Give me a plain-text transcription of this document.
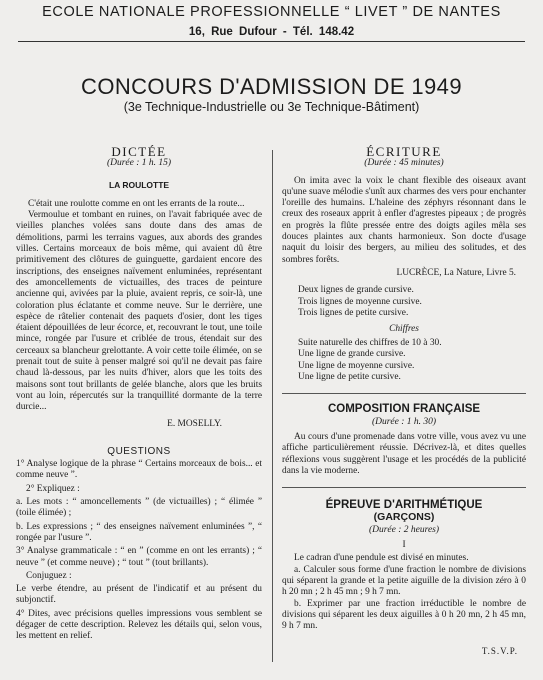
ECOLE NATIONALE PROFESSIONNELLE “ LIVET ” DE NANTES
16, Rue Dufour - Tél. 148.42
CONCOURS D'ADMISSION DE 1949
(3e Technique-Industrielle ou 3e Technique-Bâtiment)
DICTÉE
(Durée : 1 h. 15)
LA ROULOTTE

C'était une roulotte comme en ont les errants de la route...

Vermoulue et tombant en ruines, on l'avait fabriquée avec de vieilles planches volées sans doute dans des amas de démolitions, parmi les terrains vagues, aux abords des grandes villes. Certains morceaux de bois même, qui avaient dû être primitivement des clôtures de guinguette, gardaient encore des inscriptions, des enseignes naïvement enluminées, représentant des amoncellements de victuailles, des traces de peinture ancienne qui, avivées par la pluie, avaient repris, ce soir-là, une coloration plus éclatante et comme neuve. Sur le derrière, une espèce de râtelier contenait des paquets d'osier, dont les tiges étaient dépouillées de leur écorce, et, recouvrant le tout, une toile mince, rongée par l'usure et criblée de trous, étendait sur des cerceaux sa blancheur grelottante. A voir cette toile élimée, on se prenait tout de suite à penser malgré soi qu'il ne devait pas faire chaud là-dessous, par les nuits d'hiver, alors que les toits des maisons sont tout brillants de gelée blanche, alors que les bruits vont au loin, répercutés sur la tranquillité dormante de la terre durcie...

E. MOSELLY.

QUESTIONS

1° Analyse logique de la phrase “ Certains morceaux de bois... et comme neuve ”.

2° Expliquez :

a. Les mots : “ amoncellements ” (de victuailles) ; “ élimée ” (toile élimée) ;

b. Les expressions ; “ des enseignes naïvement enluminées ”, “ rongée par l'usure ”.

3° Analyse grammaticale : “ en ” (comme en ont les errants) ; “ neuve ” (et comme neuve) ; “ tout ” (tout brillants).

Conjuguez :

Le verbe étendre, au présent de l'indicatif et au présent du subjonctif.

4° Dites, avec précisions quelles impressions vous semblent se dégager de cette description. Relevez les détails qui, selon vous, les mettent en relief.

ÉCRITURE
(Durée : 45 minutes)

On imita avec la voix le chant flexible des oiseaux avant qu'une suave mélodie s'unît aux charmes des vers pour enchanter l'oreille des humains. L'haleine des zéphyrs résonnant dans le creux des roseaux apprit à enfler d'agrestes pipeaux ; de progrès en progrès la flûte pressée entre des doigts agiles mêla ses douces plaintes aux chants harmonieux. Son docte d'usage naquit du loisir des bergers, au milieu des solitudes, et des sombres forêts.

LUCRÈCE, La Nature, Livre 5.
Deux lignes de grande cursive.
Trois lignes de moyenne cursive.
Trois lignes de petite cursive.
Chiffres
Suite naturelle des chiffres de 10 à 30.
Une ligne de grande cursive.
Une ligne de moyenne cursive.
Une ligne de petite cursive.
COMPOSITION FRANÇAISE
(Durée : 1 h. 30)

Au cours d'une promenade dans votre ville, vous avez vu une affiche particulièrement réussie. Décrivez-là, et dites quelles réflexions vous suggèrent l'usage et les procédés de la publicité dans la vie moderne.

ÉPREUVE D'ARITHMÉTIQUE
(GARÇONS)
(Durée : 2 heures)
I

Le cadran d'une pendule est divisé en minutes.

a. Calculer sous forme d'une fraction le nombre de divisions qui séparent la grande et la petite aiguille de la division zéro à 0 h 20 mn ; 2 h 45 mn ; 9 h 7 mn.

b. Exprimer par une fraction irréductible le nombre de divisions qui séparent les deux aiguilles à 0 h 20 mn, 2 h 45 mn, 9 h 7 mn.

T.S.V.P.
